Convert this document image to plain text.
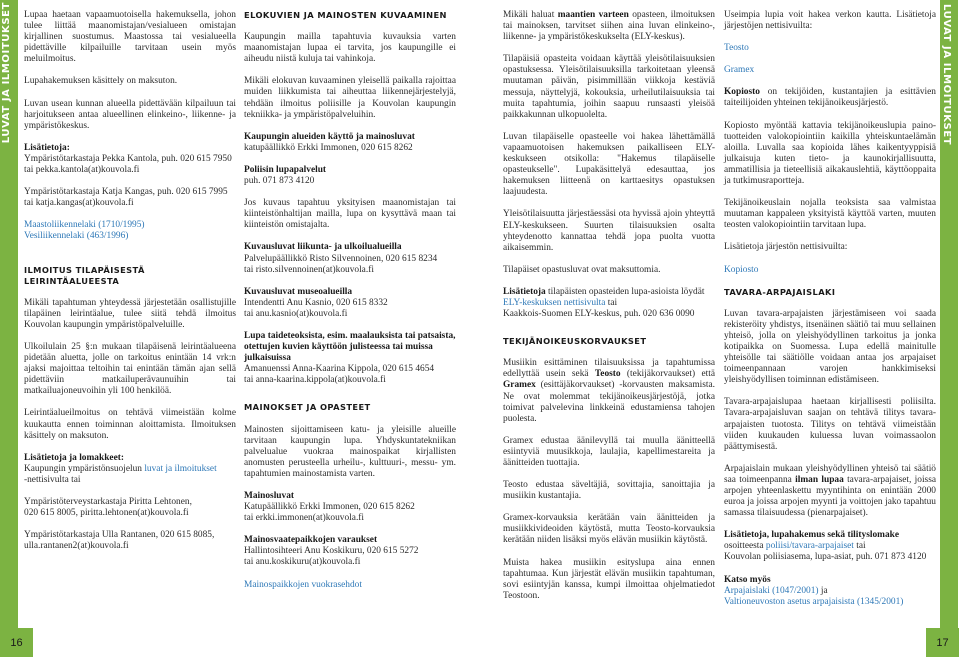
LUVAT JA ILMOITUKSET	LUVAT JA ILMOITUKSET
16	17

Lupaa haetaan vapaamuotoisella hakemuksella, johon tulee liittää maanomistajan/vesialueen omistajan kirjallinen suostumus. Maastossa tai vesialueella pidettäville kilpailuille tarvitaan usein myös meluilmoitus.

Lupahakemuksen käsittely on maksuton.

Luvan usean kunnan alueella pidettävään kilpailuun tai harjoitukseen antaa alueellinen elinkeino-, liikenne- ja ympäristökeskus.

Lisätietoja:

Ympäristötarkastaja Pekka Kantola, puh. 020 615 7950

tai pekka.kantola(at)kouvola.fi

Ympäristötarkastaja Katja Kangas, puh. 020 615 7995

tai katja.kangas(at)kouvola.fi

Maastoliikennelaki (1710/1995)

Vesiliikennelaki (463/1996)

ILMOITUS TILAPÄISESTÄ LEIRINTÄALUEESTA

Mikäli tapahtuman yhteydessä järjestetään osallistujille tilapäinen leirintäalue, tulee siitä tehdä ilmoitus Kouvolan kaupungin ympäristöpalveluille.

Ulkoilulain 25 §:n mukaan tilapäisenä leirintäalueena pidetään aluetta, jolle on tarkoitus enintään 14 vrk:n ajaksi majoittaa teltoihin tai enintään tämän ajan sellä pidettäviin matkailuperävaunuihin tai matkailuajoneuvoihin yli 100 henkilöä.

Leirintäalueilmoitus on tehtävä viimeistään kolme kuukautta ennen toiminnan aloittamista. Ilmoituksen käsittely on maksuton.

Lisätietoja ja lomakkeet:

Kaupungin ympäristönsuojelun luvat ja ilmoitukset

-nettisivulta tai

Ympäristöterveystarkastaja Piritta Lehtonen,

020 615 8005, piritta.lehtonen(at)kouvola.fi

Ympäristötarkastaja Ulla Rantanen, 020 615 8085,

ulla.rantanen2(at)kouvola.fi

ELOKUVIEN JA MAINOSTEN KUVAAMINEN

Kaupungin mailla tapahtuvia kuvauksia varten maanomistajan lupaa ei tarvita, jos kaupungille ei aiheudu niistä kuluja tai vahinkoja.

Mikäli elokuvan kuvaaminen yleisellä paikalla rajoittaa muiden liikkumista tai aiheuttaa liikennejärjestelyjä, tehdään ilmoitus poliisille ja Kouvolan kaupungin tekniikka- ja ympäristöpalveluihin.

Kaupungin alueiden käyttö ja mainosluvat

katupäällikkö Erkki Immonen, 020 615 8262

Poliisin lupapalvelut

puh. 071 873 4120

Jos kuvaus tapahtuu yksityisen maanomistajan tai kiinteistönhaltijan mailla, lupa on kysyttävä maan tai kiinteistön omistajalta.

Kuvausluvat liikunta- ja ulkoilualueilla

Palvelupäällikkö Risto Silvennoinen, 020 615 8234

tai risto.silvennoinen(at)kouvola.fi

Kuvausluvat museoalueilla

Intendentti Anu Kasnio, 020 615 8332

tai anu.kasnio(at)kouvola.fi

Lupa taideteoksista, esim. maalauksista tai patsaista, otettujen kuvien käyttöön julisteessa tai muissa julkaisuissa

Amanuenssi Anna-Kaarina Kippola, 020 615 4654

tai anna-kaarina.kippola(at)kouvola.fi

MAINOKSET JA OPASTEET

Mainosten sijoittamiseen katu- ja yleisille alueille tarvitaan kaupungin lupa. Yhdyskuntatekniikan palvelualue vuokraa mainospaikat kirjallisten anomusten perusteella urheilu-, kulttuuri-, messu- ym. tapahtumien mainostamista varten.

Mainosluvat

Katupäällikkö Erkki Immonen, 020 615 8262

tai erkki.immonen(at)kouvola.fi

Mainosvaatepaikkojen varaukset

Hallintosihteeri Anu Koskikuru, 020 615 5272

tai anu.koskikuru(at)kouvola.fi

Mainospaikkojen vuokrasehdot

Mikäli haluat maantien varteen opasteen, ilmoituksen tai mainoksen, tarvitset siihen aina luvan elinkeino-, liikenne- ja ympäristökeskukselta (ELY-keskus).

Tilapäisiä opasteita voidaan käyttää yleisötilaisuuksien opastuksessa. Yleisötilaisuuksilla tarkoitetaan yleensä muutaman päivän, pisimmillään viikkoja kestäviä messuja, näyttelyjä, kokouksia, urheilutilaisuuksia tai muita tapahtumia, joihin saapuu runsaasti yleisöä paikkakunnan ulkopuolelta.

Luvan tilapäiselle opasteelle voi hakea lähettämällä vapaamuotoisen hakemuksen paikalliseen ELY-keskukseen otsikolla: "Hakemus tilapäiselle opasteukselle". Lupakäsittelyä edesauttaa, jos hakemuksen liitteenä on karttaesitys opastuksen laajuudesta.

Yleisötilaisuutta järjestäessäsi ota hyvissä ajoin yhteyttä ELY-keskukseen. Suurten tilaisuuksien osalta yhteydenotto kannattaa tehdä jopa puolta vuotta aikaisemmin.

Tilapäiset opastusluvat ovat maksuttomia.

Lisätietoja tilapäisten opasteiden lupa-asioista löydät

ELY-keskuksen nettisivulta tai

Kaakkois-Suomen ELY-keskus, puh. 020 636 0090

TEKIJÄNOIKEUSKORVAUKSET

Musiikin esittäminen tilaisuuksissa ja tapahtumissa edellyttää usein sekä Teosto (tekijäkorvaukset) että Gramex (esittäjäkorvaukset) -korvausten maksamista. Ne ovat molemmat tekijänoikeusjärjestöjä, jotka toimivat palvelevina linkkeinä edustamiensa tahojen puolesta.

Gramex edustaa äänilevyllä tai muulla äänitteellä esiintyviä muusikkoja, laulajia, kapellimestareita ja äänitteiden tuottajia.

Teosto edustaa säveltäjiä, sovittajia, sanoittajia ja musiikin kustantajia.

Gramex-korvauksia kerätään vain äänitteiden ja musiikkivideoiden käytöstä, mutta Teosto-korvauksia kerätään niiden lisäksi myös elävän musiikin käytöstä.

Muista hakea musiikin esityslupa aina ennen tapahtumaa. Kun järjestät elävän musiikin tapahtuman, sovi esiintyjän kanssa, kumpi ilmoittaa ohjelmatiedot Teostoon.

Useimpia lupia voit hakea verkon kautta. Lisätietoja järjestöjen nettisivuilta:

Teosto

Gramex

Kopiosto on tekijöiden, kustantajien ja esittävien taiteilijoiden yhteinen tekijänoikeusjärjestö.

Kopiosto myöntää kattavia tekijänoikeuslupia paino-tuotteiden valokopiointiin kaikilla yhteiskuntaelämän aloilla. Luvalla saa kopioida lähes kaikentyyppisiä julkaisuja kuten tieto- ja kaunokirjallisuutta, ammatillisia ja tieteellisiä aikakauslehtiä, käyttöoppaita ja tutkimusraportteja.

Tekijänoikeuslain nojalla teoksista saa valmistaa muutaman kappaleen yksityistä käyttöä varten, muuten teosten valokopiointiin tarvitaan lupa.

Lisätietoja järjestön nettisivuilta:

Kopiosto

TAVARA-ARPAJAISLAKI

Luvan tavara-arpajaisten järjestämiseen voi saada rekisteröity yhdistys, itsenäinen säätiö tai muu sellainen yhteisö, jolla on yleishyödyllinen tarkoitus ja jonka kotipaikka on Suomessa. Lupa edellä mainitulle yhteisölle tai säätiölle voidaan antaa jos arpajaiset toimeenpannaan varojen hankkimiseksi yleishyödyllisen toiminnan edistämiseen.

Tavara-arpajaislupaa haetaan kirjallisesti poliisilta. Tavara-arpajaisluvan saajan on tehtävä tilitys tavara-arpajaisten tuotosta. Tilitys on tehtävä viimeistään viiden kuukauden kuluessa luvan voimassaolon päättymisestä.

Arpajaislain mukaan yleishyödyllinen yhteisö tai säätiö saa toimeenpanna ilman lupaa tavara-arpajaiset, joissa arpojen yhteenlaskettu myyntihinta on enintään 2000 euroa ja joissa arpojen myynti ja voittojen jako tapahtuu samassa tilaisuudessa (pienarpajaiset).

Lisätietoja, lupahakemus sekä tilityslomake

osoitteesta poliisi/tavara-arpajaiset tai

Kouvolan poliisiasema, lupa-asiat, puh. 071 873 4120

Katso myös

Arpajaislaki (1047/2001) ja

Valtioneuvoston asetus arpajaisista (1345/2001)
